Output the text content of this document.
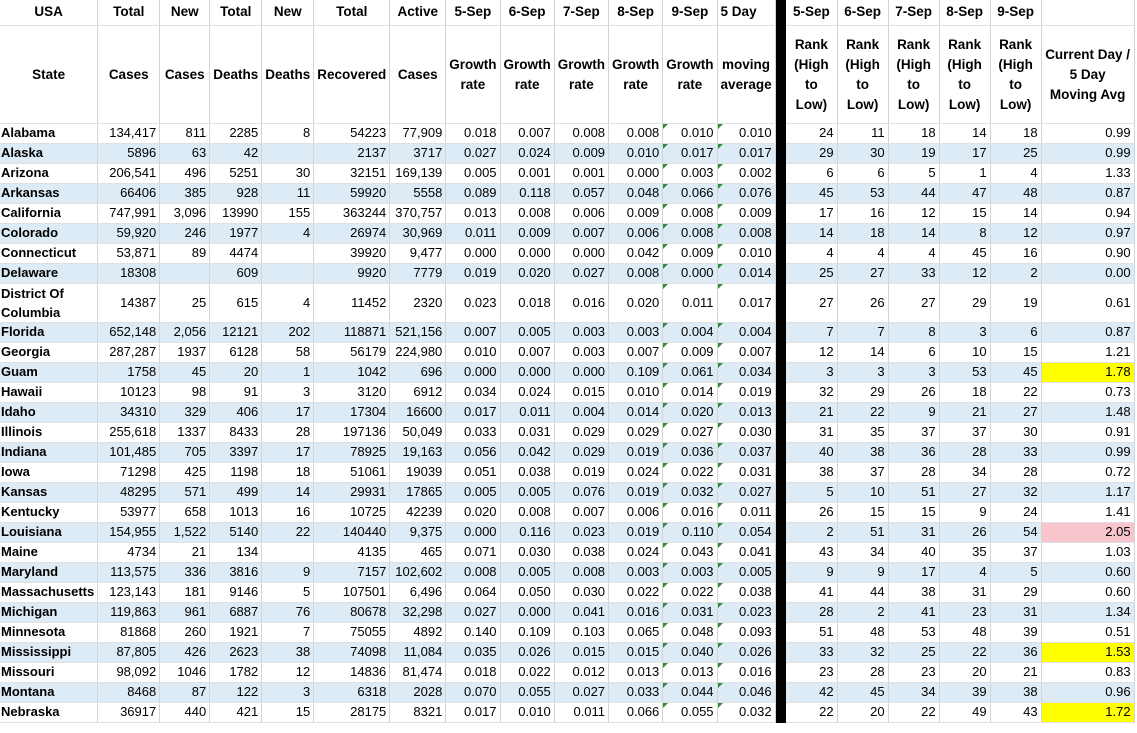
USA	Total	New	Total	New	Total	Active	5-Sep	6-Sep	7-Sep	8-Sep	9-Sep	5 Day		5-Sep	6-Sep	7-Sep	8-Sep	9-Sep	
State	Cases	Cases	Deaths	Deaths	Recovered	Cases	Growth rate	Growth rate	Growth rate	Growth rate	Growth rate	moving average		Rank (High to Low)	Rank (High to Low)	Rank (High to Low)	Rank (High to Low)	Rank (High to Low)	Current Day / 5 Day Moving Avg
Alabama	134,417	811	2285	8	54223	77,909	0.018	0.007	0.008	0.008	0.010	0.010		24	11	18	14	18	0.99
Alaska	5896	63	42		2137	3717	0.027	0.024	0.009	0.010	0.017	0.017		29	30	19	17	25	0.99
Arizona	206,541	496	5251	30	32151	169,139	0.005	0.001	0.001	0.000	0.003	0.002		6	6	5	1	4	1.33
Arkansas	66406	385	928	11	59920	5558	0.089	0.118	0.057	0.048	0.066	0.076		45	53	44	47	48	0.87
California	747,991	3,096	13990	155	363244	370,757	0.013	0.008	0.006	0.009	0.008	0.009		17	16	12	15	14	0.94
Colorado	59,920	246	1977	4	26974	30,969	0.011	0.009	0.007	0.006	0.008	0.008		14	18	14	8	12	0.97
Connecticut	53,871	89	4474		39920	9,477	0.000	0.000	0.000	0.042	0.009	0.010		4	4	4	45	16	0.90
Delaware	18308		609		9920	7779	0.019	0.020	0.027	0.008	0.000	0.014		25	27	33	12	2	0.00
District Of Columbia	14387	25	615	4	11452	2320	0.023	0.018	0.016	0.020	0.011	0.017		27	26	27	29	19	0.61
Florida	652,148	2,056	12121	202	118871	521,156	0.007	0.005	0.003	0.003	0.004	0.004		7	7	8	3	6	0.87
Georgia	287,287	1937	6128	58	56179	224,980	0.010	0.007	0.003	0.007	0.009	0.007		12	14	6	10	15	1.21
Guam	1758	45	20	1	1042	696	0.000	0.000	0.000	0.109	0.061	0.034		3	3	3	53	45	1.78
Hawaii	10123	98	91	3	3120	6912	0.034	0.024	0.015	0.010	0.014	0.019		32	29	26	18	22	0.73
Idaho	34310	329	406	17	17304	16600	0.017	0.011	0.004	0.014	0.020	0.013		21	22	9	21	27	1.48
Illinois	255,618	1337	8433	28	197136	50,049	0.033	0.031	0.029	0.029	0.027	0.030		31	35	37	37	30	0.91
Indiana	101,485	705	3397	17	78925	19,163	0.056	0.042	0.029	0.019	0.036	0.037		40	38	36	28	33	0.99
Iowa	71298	425	1198	18	51061	19039	0.051	0.038	0.019	0.024	0.022	0.031		38	37	28	34	28	0.72
Kansas	48295	571	499	14	29931	17865	0.005	0.005	0.076	0.019	0.032	0.027		5	10	51	27	32	1.17
Kentucky	53977	658	1013	16	10725	42239	0.020	0.008	0.007	0.006	0.016	0.011		26	15	15	9	24	1.41
Louisiana	154,955	1,522	5140	22	140440	9,375	0.000	0.116	0.023	0.019	0.110	0.054		2	51	31	26	54	2.05
Maine	4734	21	134		4135	465	0.071	0.030	0.038	0.024	0.043	0.041		43	34	40	35	37	1.03
Maryland	113,575	336	3816	9	7157	102,602	0.008	0.005	0.008	0.003	0.003	0.005		9	9	17	4	5	0.60
Massachusetts	123,143	181	9146	5	107501	6,496	0.064	0.050	0.030	0.022	0.022	0.038		41	44	38	31	29	0.60
Michigan	119,863	961	6887	76	80678	32,298	0.027	0.000	0.041	0.016	0.031	0.023		28	2	41	23	31	1.34
Minnesota	81868	260	1921	7	75055	4892	0.140	0.109	0.103	0.065	0.048	0.093		51	48	53	48	39	0.51
Mississippi	87,805	426	2623	38	74098	11,084	0.035	0.026	0.015	0.015	0.040	0.026		33	32	25	22	36	1.53
Missouri	98,092	1046	1782	12	14836	81,474	0.018	0.022	0.012	0.013	0.013	0.016		23	28	23	20	21	0.83
Montana	8468	87	122	3	6318	2028	0.070	0.055	0.027	0.033	0.044	0.046		42	45	34	39	38	0.96
Nebraska	36917	440	421	15	28175	8321	0.017	0.010	0.011	0.066	0.055	0.032		22	20	22	49	43	1.72
